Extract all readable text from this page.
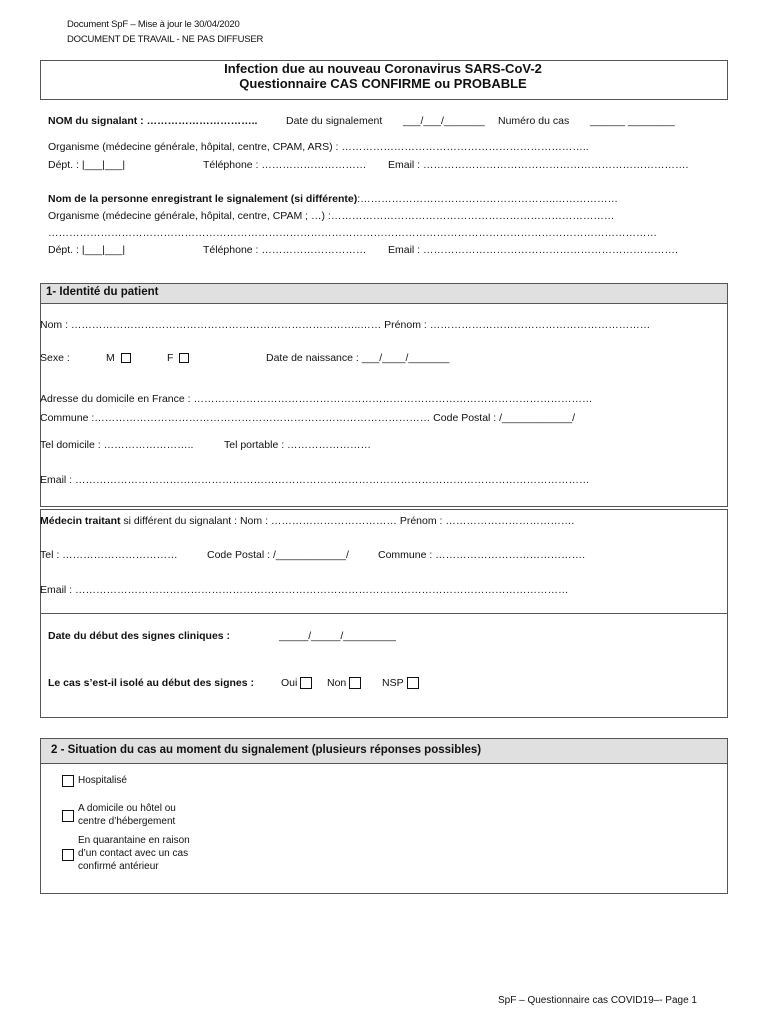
Document SpF – Mise à jour le 30/04/2020
DOCUMENT DE TRAVAIL - NE PAS DIFFUSER
Infection due au nouveau Coronavirus SARS-CoV-2
Questionnaire CAS CONFIRME ou PROBABLE
NOM du signalant : …………………………..	Date du signalement ___/___/_______ Numéro du cas ______ ________
Organisme (médecine générale, hôpital, centre, CPAM, ARS) : ……………………………………………………………..
Dépt. : |___|___|	Téléphone : ………………………… Email : ………………………………………………………………….
Nom de la personne enregistrant le signalement (si différente):………………………………………………..………………
Organisme (médecine générale, hôpital, centre, CPAM ; …) :………………………………………………………………………
…………………………………………………………………………………………………………………………………………………………
Dépt. : |___|___|	Téléphone : ………………………… Email : ……………………………………………………………….
1- Identité du patient
Nom : ………………………………………………………………………..…… Prénom : ………………………………………………………
Sexe :	M	F	Date de naissance : ___/____/_______
Adresse du domicile en France : ……………………………………………………………………………………………………
Commune :…………………………………………………………………………………… Code Postal : /____________/
Tel domicile : ……………………..	Tel portable : ……………………
Email : …………………………………………………………………………………………………………………………………
Médecin traitant si différent du signalant : Nom : ……………………………… Prénom : ……………………………….
Tel : ……………………………	Code Postal : /____________/	Commune : …………………………………….
Email : ……………………………………………………………………………………………………………………………
Date du début des signes cliniques :	_____/_____/_________
Le cas s’est-il isolé au début des signes :	Oui	Non	NSP
2 - Situation du cas au moment du signalement (plusieurs réponses possibles)
Hospitalisé
A domicile ou hôtel ou
centre d’hébergement
En quarantaine en raison
d’un contact avec un cas
confirmé antérieur
SpF – Questionnaire cas COVID19–- Page 1
